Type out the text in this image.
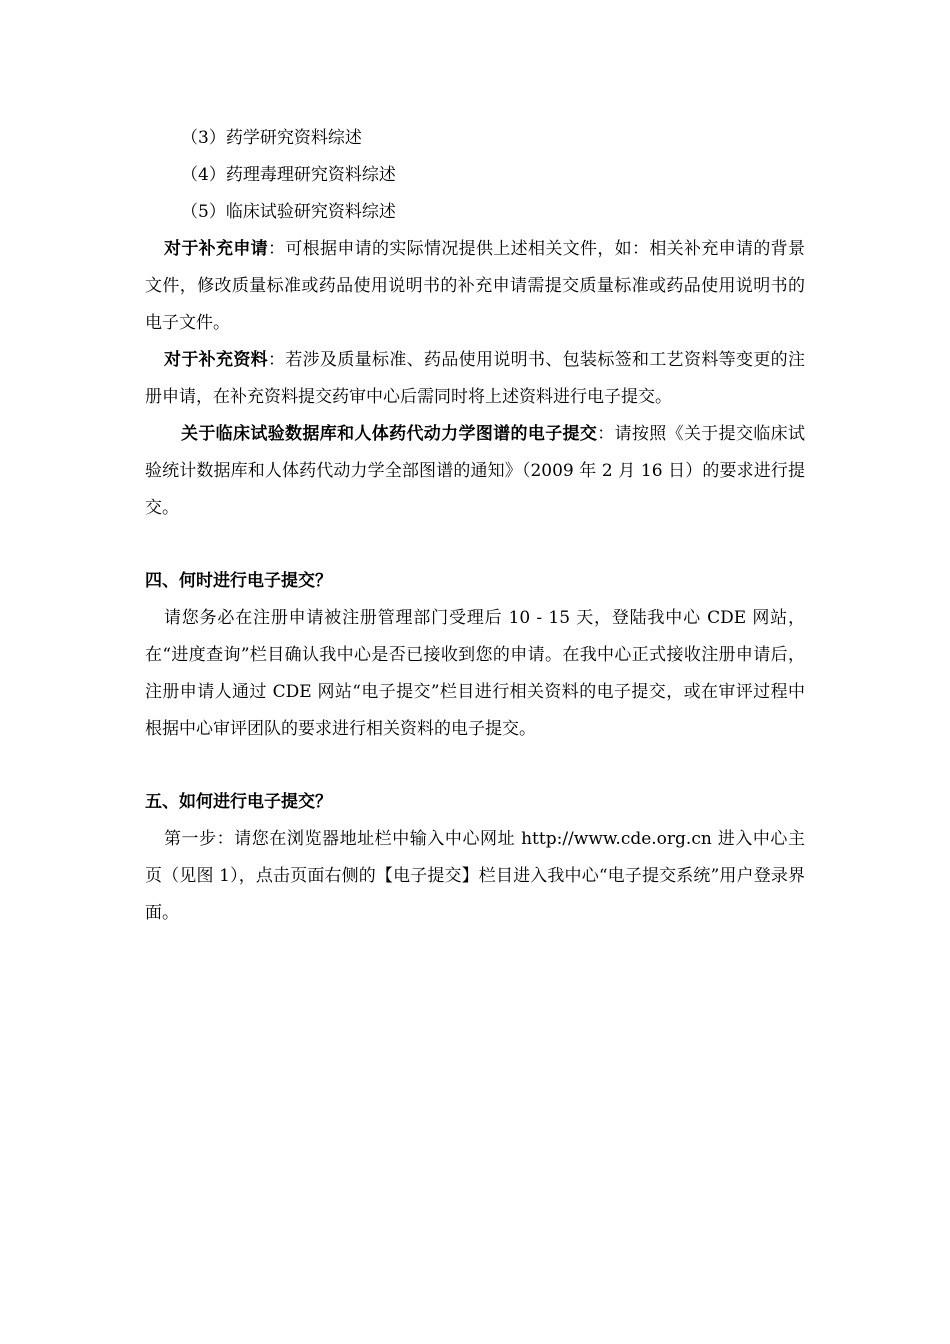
（3）药学研究资料综述
（4）药理毒理研究资料综述
（5）临床试验研究资料综述
对于补充申请：可根据申请的实际情况提供上述相关文件，如：相关补充申请的背景文件，修改质量标准或药品使用说明书的补充申请需提交质量标准或药品使用说明书的电子文件。
对于补充资料：若涉及质量标准、药品使用说明书、包装标签和工艺资料等变更的注册申请，在补充资料提交药审中心后需同时将上述资料进行电子提交。
关于临床试验数据库和人体药代动力学图谱的电子提交：请按照《关于提交临床试验统计数据库和人体药代动力学全部图谱的通知》（2009 年 2 月 16 日）的要求进行提交。
四、何时进行电子提交？
请您务必在注册申请被注册管理部门受理后 10 - 15 天，登陆我中心 CDE 网站，在“进度查询”栏目确认我中心是否已接收到您的申请。在我中心正式接收注册申请后，注册申请人通过 CDE 网站“电子提交”栏目进行相关资料的电子提交，或在审评过程中根据中心审评团队的要求进行相关资料的电子提交。
五、如何进行电子提交？
第一步：请您在浏览器地址栏中输入中心网址 http://www.cde.org.cn 进入中心主页（见图 1），点击页面右侧的【电子提交】栏目进入我中心“电子提交系统”用户登录界面。
